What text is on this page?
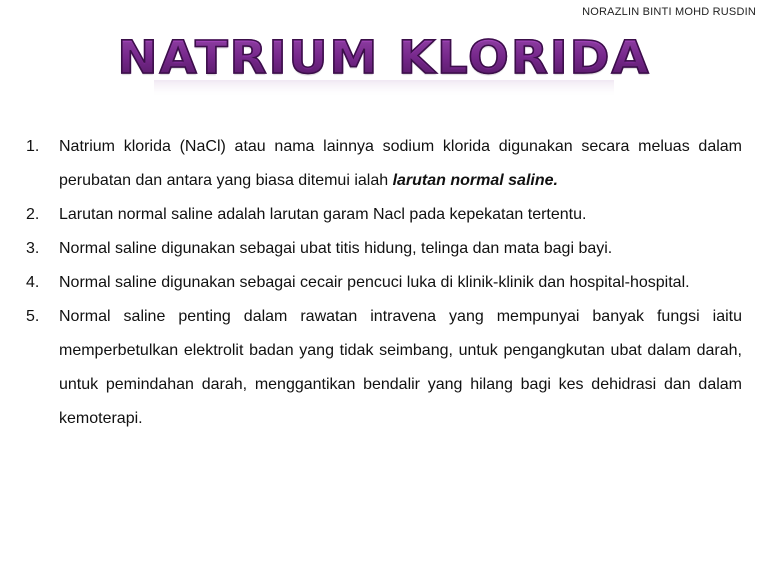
NORAZLIN BINTI MOHD RUSDIN
NATRIUM KLORIDA
1.	Natrium klorida (NaCl) atau nama lainnya sodium klorida digunakan secara meluas dalam perubatan dan antara yang biasa ditemui ialah larutan normal saline.
2.	Larutan normal saline adalah larutan garam Nacl pada kepekatan tertentu.
3.	Normal saline digunakan sebagai ubat titis hidung, telinga dan mata bagi bayi.
4.	Normal saline digunakan sebagai cecair pencuci luka di klinik-klinik dan hospital-hospital.
5.	Normal saline penting dalam rawatan intravena yang mempunyai banyak fungsi iaitu memperbetulkan elektrolit badan yang tidak seimbang, untuk pengangkutan ubat dalam darah, untuk pemindahan darah, menggantikan bendalir yang hilang bagi kes dehidrasi dan dalam kemoterapi.
